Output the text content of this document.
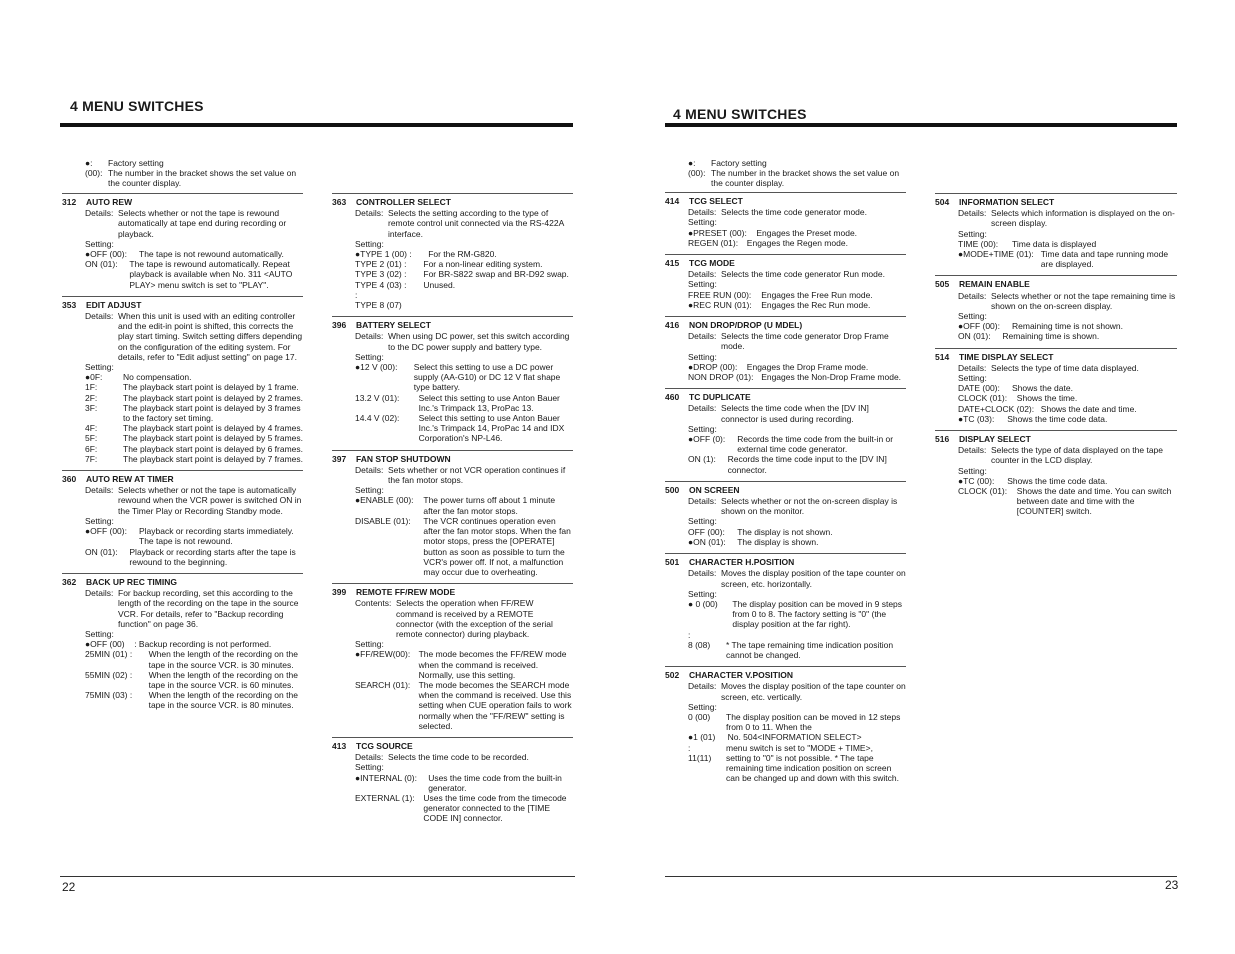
4 MENU SWITCHES
●:	Factory setting
(00): The number in the bracket shows the set value on the counter display.
312	AUTO REW
Details: Selects whether or not the tape is rewound automatically at tape end during recording or playback.
Setting:
●OFF (00):	The tape is not rewound automatically.
ON (01):	The tape is rewound automatically. Repeat playback is available when No. 311 <AUTO PLAY> menu switch is set to "PLAY".
353	EDIT ADJUST
Details: When this unit is used with an editing controller and the edit-in point is shifted, this corrects the play start timing. Switch setting differs depending on the configuration of the editing system. For details, refer to "Edit adjust setting" on page 17.
Setting:
●0F:	No compensation.
1F:	The playback start point is delayed by 1 frame.
2F:	The playback start point is delayed by 2 frames.
3F:	The playback start point is delayed by 3 frames to the factory set timing.
4F:	The playback start point is delayed by 4 frames.
5F:	The playback start point is delayed by 5 frames.
6F:	The playback start point is delayed by 6 frames.
7F:	The playback start point is delayed by 7 frames.
360	AUTO REW AT TIMER
Details: Selects whether or not the tape is automatically rewound when the VCR power is switched ON in the Timer Play or Recording Standby mode.
Setting:
●OFF (00):	Playback or recording starts immediately. The tape is not rewound.
ON (01):	Playback or recording starts after the tape is rewound to the beginning.
362	BACK UP REC TIMING
Details: For backup recording, set this according to the length of the recording on the tape in the source VCR. For details, refer to "Backup recording function" on page 36.
Setting:
●OFF (00)	: Backup recording is not performed.
25MIN (01) :	When the length of the recording on the tape in the source VCR. is 30 minutes.
55MIN (02) :	When the length of the recording on the tape in the source VCR. is 60 minutes.
75MIN (03) :	When the length of the recording on the tape in the source VCR. is 80 minutes.
363	CONTROLLER SELECT
Details: Selects the setting according to the type of remote control unit connected via the RS-422A interface.
Setting:
●TYPE 1 (00) :	For the RM-G820.
TYPE 2 (01) :	For a non-linear editing system.
TYPE 3 (02) :	For BR-S822 swap and BR-D92 swap.
TYPE 4 (03) :	Unused.
:
TYPE 8 (07)
396	BATTERY SELECT
Details: When using DC power, set this switch according to the DC power supply and battery type.
Setting:
●12 V (00):	Select this setting to use a DC power supply (AA-G10) or DC 12 V flat shape type battery.
13.2 V (01):	Select this setting to use Anton Bauer Inc.'s Trimpack 13, ProPac 13.
14.4 V (02):	Select this setting to use Anton Bauer Inc.'s Trimpack 14, ProPac 14 and IDX Corporation's NP-L46.
397	FAN STOP SHUTDOWN
Details: Sets whether or not VCR operation continues if the fan motor stops.
Setting:
●ENABLE (00):	The power turns off about 1 minute after the fan motor stops.
DISABLE (01):	The VCR continues operation even after the fan motor stops. When the fan motor stops, press the [OPERATE] button as soon as possible to turn the VCR's power off. If not, a malfunction may occur due to overheating.
399	REMOTE FF/REW MODE
Contents: Selects the operation when FF/REW command is received by a REMOTE connector (with the exception of the serial remote connector) during playback.
Setting:
●FF/REW(00): The mode becomes the FF/REW mode when the command is received. Normally, use this setting.
SEARCH (01): The mode becomes the SEARCH mode when the command is received. Use this setting when CUE operation fails to work normally when the "FF/REW" setting is selected.
413	TCG SOURCE
Details: Selects the time code to be recorded.
Setting:
●INTERNAL (0):	Uses the time code from the built-in generator.
EXTERNAL (1):	Uses the time code from the timecode generator connected to the [TIME CODE IN] connector.
22
4 MENU SWITCHES
●:	Factory setting
(00): The number in the bracket shows the set value on the counter display.
414	TCG SELECT
Details: Selects the time code generator mode.
Setting:
●PRESET (00):	Engages the Preset mode.
REGEN (01):	Engages the Regen mode.
415	TCG MODE
Details: Selects the time code generator Run mode.
Setting:
FREE RUN (00):	Engages the Free Run mode.
●REC RUN (01):	Engages the Rec Run mode.
416	NON DROP/DROP (U MDEL)
Details: Selects the time code generator Drop Frame mode.
Setting:
●DROP (00):	Engages the Drop Frame mode.
NON DROP (01): Engages the Non-Drop Frame mode.
460	TC DUPLICATE
Details: Selects the time code when the [DV IN] connector is used during recording.
Setting:
●OFF (0):	Records the time code from the built-in or external time code generator.
ON (1):	Records the time code input to the [DV IN] connector.
500	ON SCREEN
Details: Selects whether or not the on-screen display is shown on the monitor.
Setting:
OFF (00):	The display is not shown.
●ON (01):	The display is shown.
501	CHARACTER H.POSITION
Details: Moves the display position of the tape counter on screen, etc. horizontally.
Setting:
● 0 (00)	The display position can be moved in 9 steps from 0 to 8. The factory setting is "0" (the display position at the far right).
:
8 (08)	* The tape remaining time indication position cannot be changed.
502	CHARACTER V.POSITION
Details: Moves the display position of the tape counter on screen, etc. vertically.
Setting:
0 (00)	The display position can be moved in 12 steps from 0 to 11. When the
●1 (01)	No. 504<INFORMATION SELECT>
:	menu switch is set to "MODE + TIME>,
11(11)	setting to "0" is not possible. * The tape remaining time indication position on screen can be changed up and down with this switch.
504	INFORMATION SELECT
Details: Selects which information is displayed on the on-screen display.
Setting:
TIME (00):	Time data is displayed
●MODE+TIME (01): Time data and tape running mode are displayed.
505	REMAIN ENABLE
Details: Selects whether or not the tape remaining time is shown on the on-screen display.
Setting:
●OFF (00):	Remaining time is not shown.
ON (01):	Remaining time is shown.
514	TIME DISPLAY SELECT
Details: Selects the type of time data displayed.
Setting:
DATE (00):	Shows the date.
CLOCK (01):	Shows the time.
DATE+CLOCK (02): Shows the date and time.
●TC (03):	Shows the time code data.
516	DISPLAY SELECT
Details: Selects the type of data displayed on the tape counter in the LCD display.
Setting:
●TC (00):	Shows the time code data.
CLOCK (01):	Shows the date and time. You can switch between date and time with the [COUNTER] switch.
23
